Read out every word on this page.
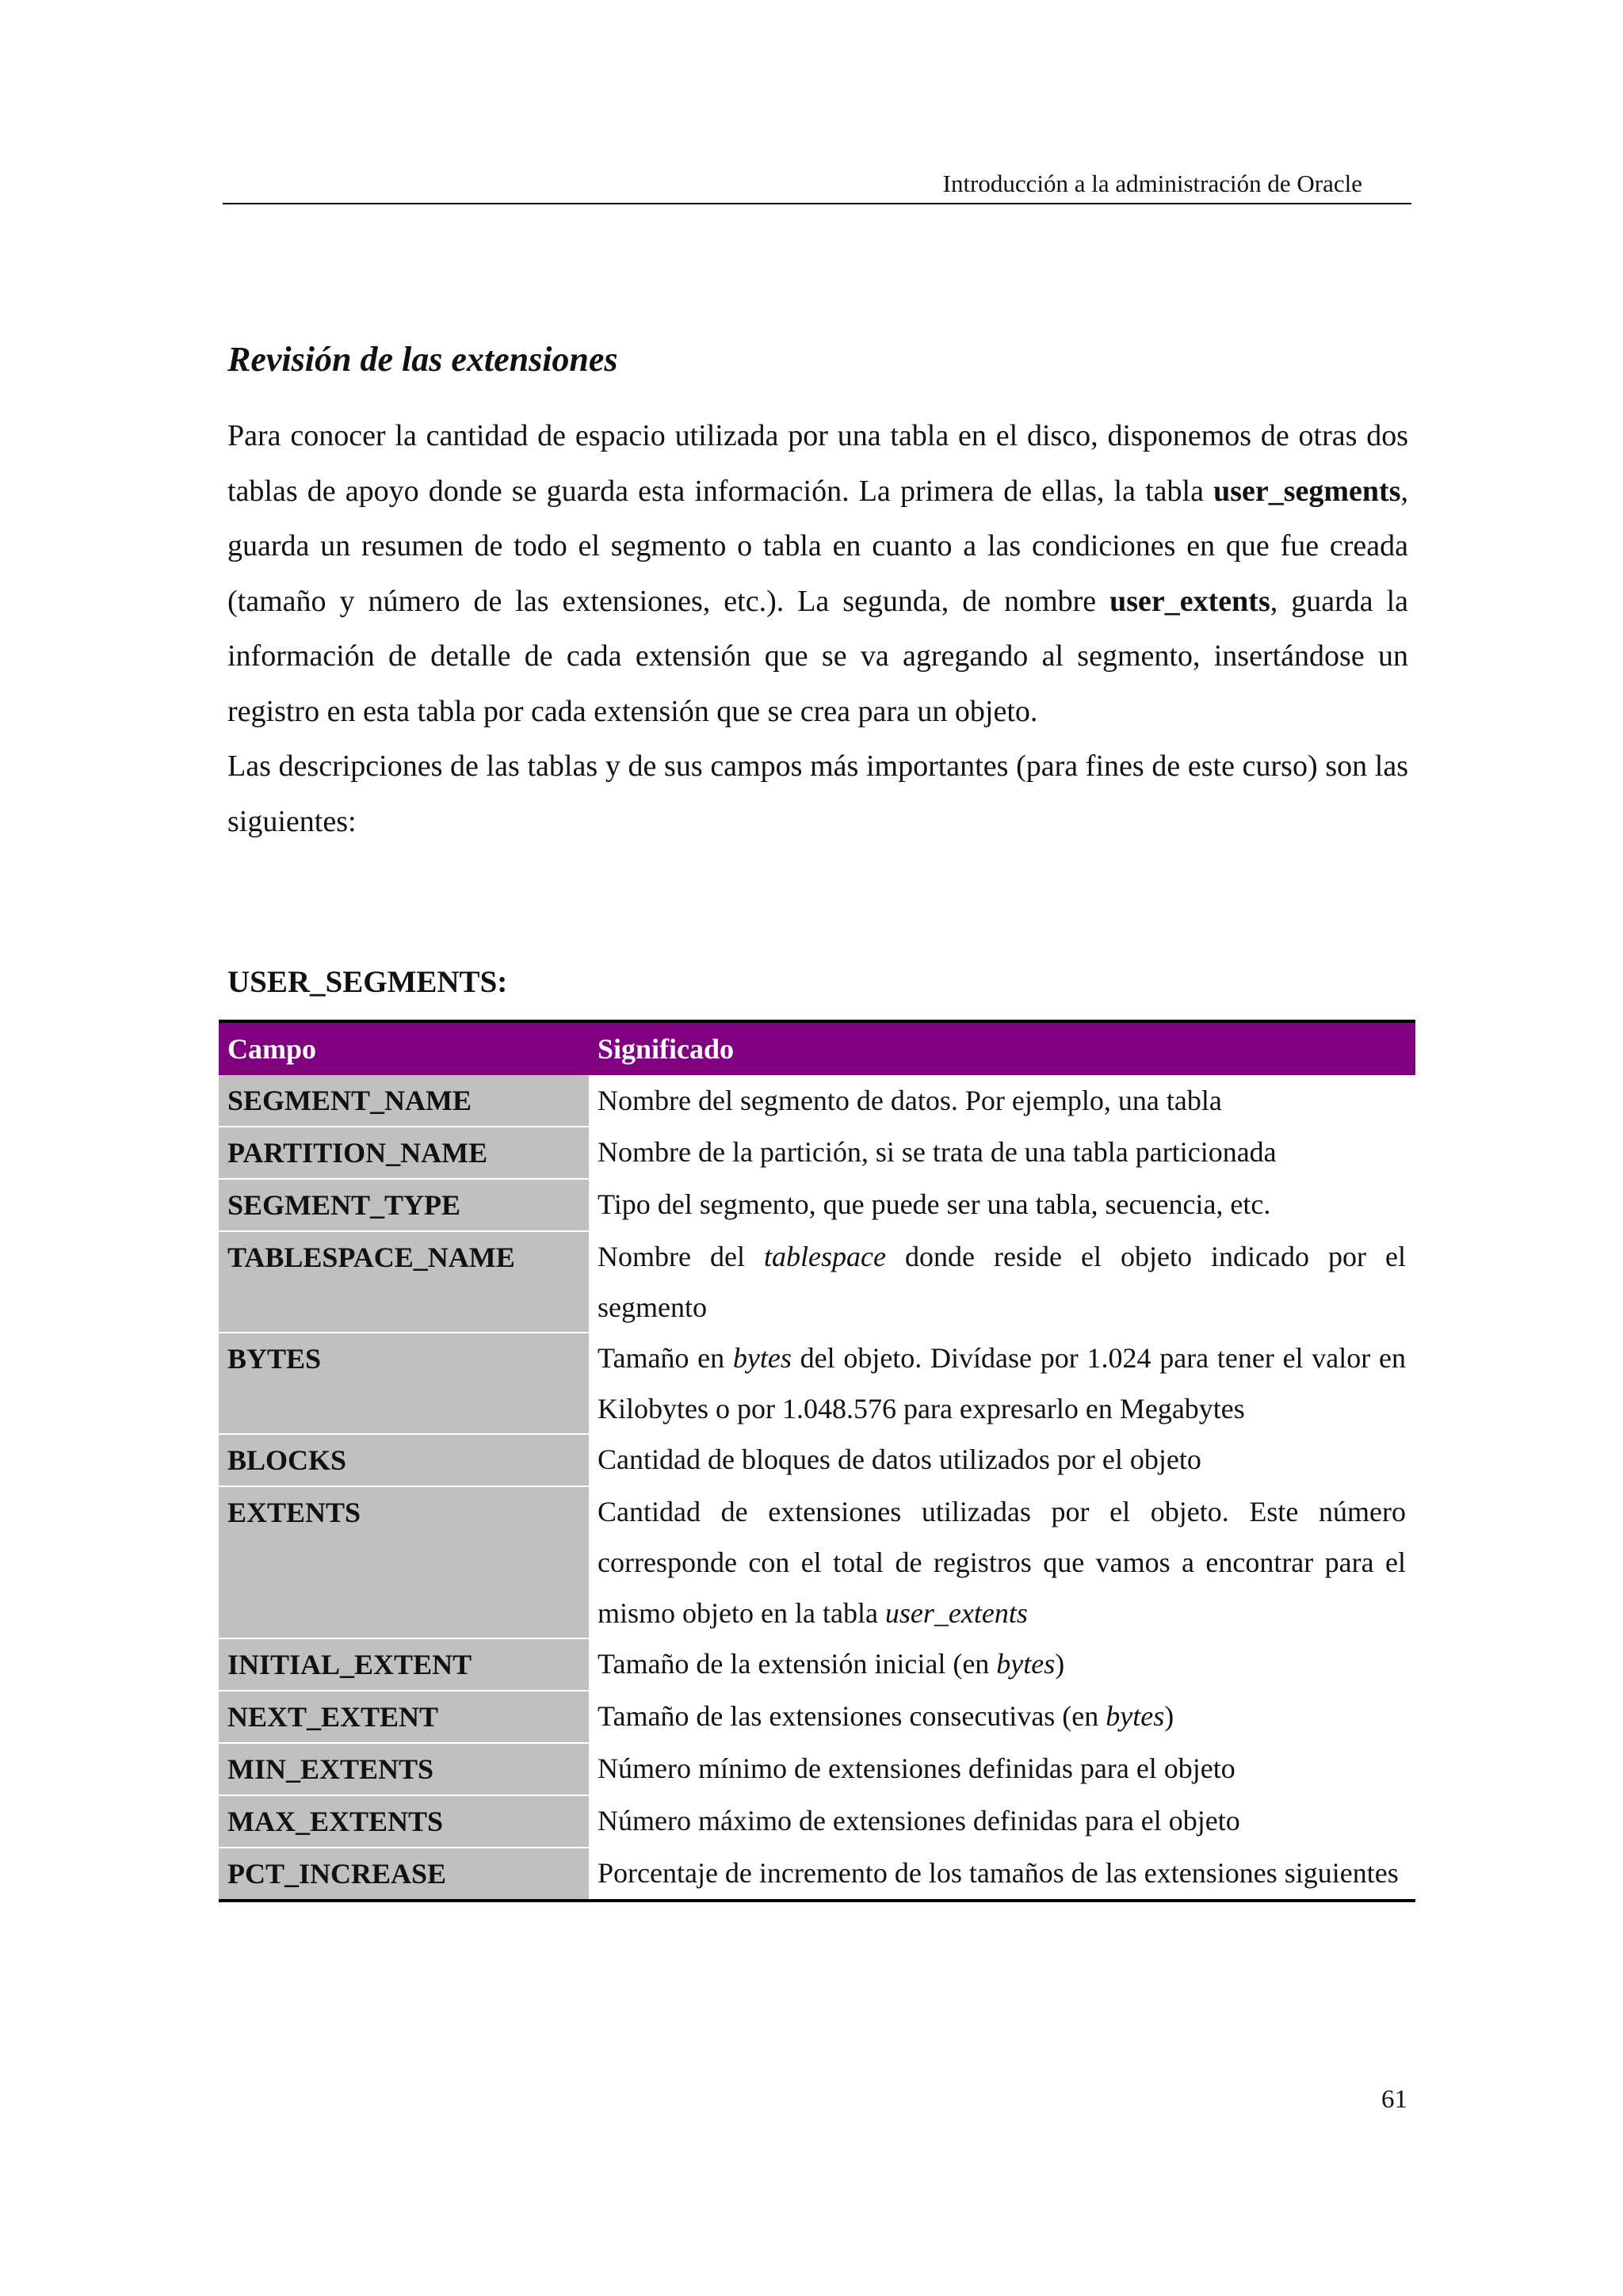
Introducción a la administración de Oracle
Revisión de las extensiones

Para conocer la cantidad de espacio utilizada por una tabla en el disco, disponemos de otras dos tablas de apoyo donde se guarda esta información. La primera de ellas, la tabla user_segments, guarda un resumen de todo el segmento o tabla en cuanto a las condiciones en que fue creada (tamaño y número de las extensiones, etc.). La segunda, de nombre user_extents, guarda la información de detalle de cada extensión que se va agregando al segmento, insertándose un registro en esta tabla por cada extensión que se crea para un objeto.

Las descripciones de las tablas y de sus campos más importantes (para fines de este curso) son las siguientes:

USER_SEGMENTS:
Campo	Significado
SEGMENT_NAME	Nombre del segmento de datos. Por ejemplo, una tabla
PARTITION_NAME	Nombre de la partición, si se trata de una tabla particionada
SEGMENT_TYPE	Tipo del segmento, que puede ser una tabla, secuencia, etc.
TABLESPACE_NAME	Nombre del tablespace donde reside el objeto indicado por el segmento
BYTES	Tamaño en bytes del objeto. Divídase por 1.024 para tener el valor en Kilobytes o por 1.048.576 para expresarlo en Megabytes
BLOCKS	Cantidad de bloques de datos utilizados por el objeto
EXTENTS	Cantidad de extensiones utilizadas por el objeto. Este número corresponde con el total de registros que vamos a encontrar para el mismo objeto en la tabla user_extents
INITIAL_EXTENT	Tamaño de la extensión inicial (en bytes)
NEXT_EXTENT	Tamaño de las extensiones consecutivas (en bytes)
MIN_EXTENTS	Número mínimo de extensiones definidas para el objeto
MAX_EXTENTS	Número máximo de extensiones definidas para el objeto
PCT_INCREASE	Porcentaje de incremento de los tamaños de las extensiones siguientes
61
